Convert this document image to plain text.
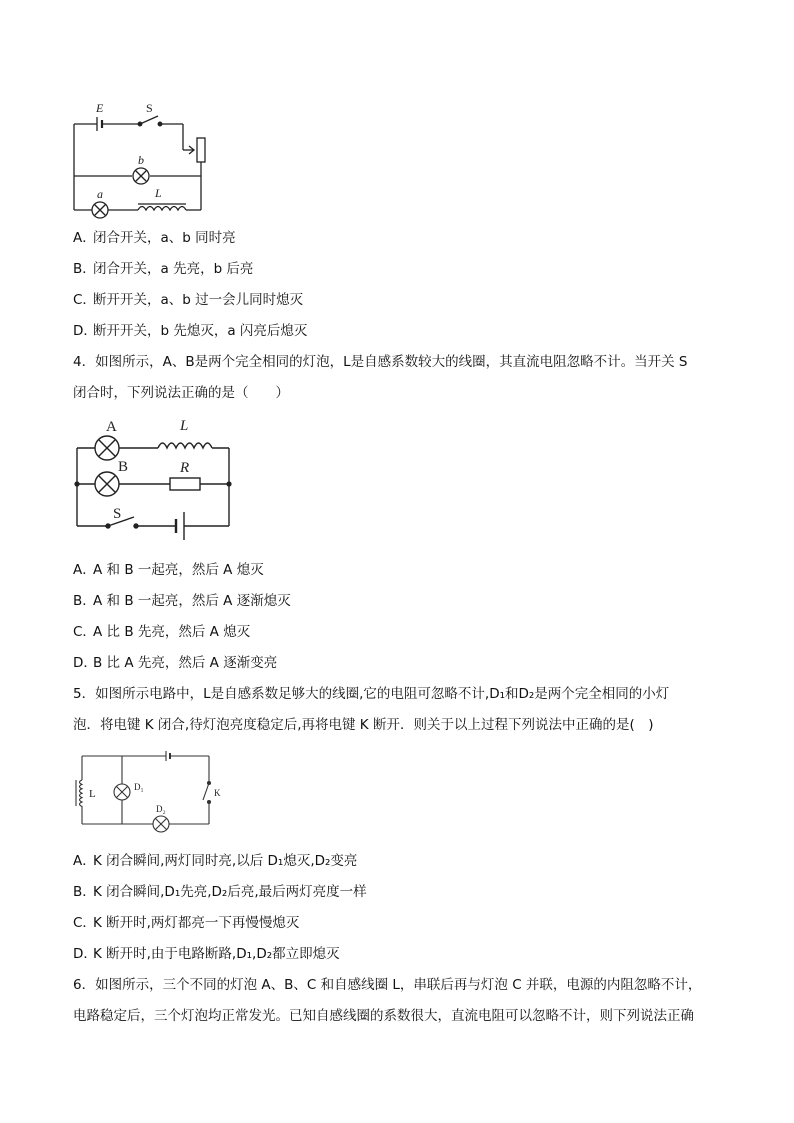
E	S
b
a	L
A．闭合开关，a、b 同时亮
B．闭合开关，a 先亮，b 后亮
C．断开开关，a、b 过一会儿同时熄灭
D．断开开关，b 先熄灭，a 闪亮后熄灭
4．如图所示，A、B是两个完全相同的灯泡，L是自感系数较大的线圈，其直流电阻忽略不计。当开关 S
闭合时，下列说法正确的是（　　）
A
B
L
R
S
A．A 和 B 一起亮，然后 A 熄灭
B．A 和 B 一起亮，然后 A 逐渐熄灭
C．A 比 B 先亮，然后 A 熄灭
D．B 比 A 先亮，然后 A 逐渐变亮
5．如图所示电路中，L是自感系数足够大的线圈,它的电阻可忽略不计,D₁和D₂是两个完全相同的小灯
泡．将电键 K 闭合,待灯泡亮度稳定后,再将电键 K 断开．则关于以上过程下列说法中正确的是(　)
L
D₁
D₂
K
A．K 闭合瞬间,两灯同时亮,以后 D₁熄灭,D₂变亮
B．K 闭合瞬间,D₁先亮,D₂后亮,最后两灯亮度一样
C．K 断开时,两灯都亮一下再慢慢熄灭
D．K 断开时,由于电路断路,D₁,D₂都立即熄灭
6．如图所示，三个不同的灯泡 A、B、C 和自感线圈 L，串联后再与灯泡 C 并联，电源的内阻忽略不计，
电路稳定后，三个灯泡均正常发光。已知自感线圈的系数很大，直流电阻可以忽略不计，则下列说法正确
